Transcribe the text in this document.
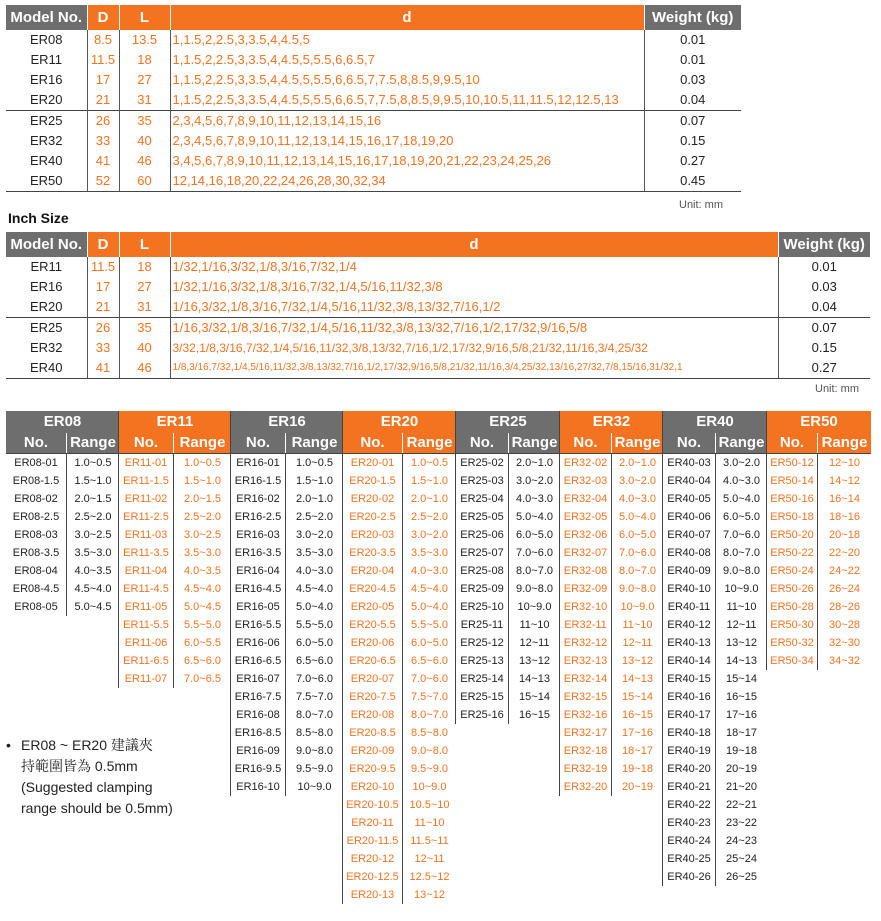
Model No.	D	L	d	Weight (kg)
ER08	8.5	13.5	1,1.5,2,2.5,3,3.5,4,4.5,5	0.01
ER11	11.5	18	1,1.5,2,2.5,3,3.5,4,4.5,5,5.5,6,6.5,7	0.01
ER16	17	27	1,1.5,2,2.5,3,3.5,4,4.5,5,5.5,6,6.5,7,7.5,8,8.5,9,9.5,10	0.03
ER20	21	31	1,1.5,2,2.5,3,3.5,4,4.5,5,5.5,6,6.5,7,7.5,8,8.5,9,9.5,10,10.5,11,11.5,12,12.5,13	0.04
ER25	26	35	2,3,4,5,6,7,8,9,10,11,12,13,14,15,16	0.07
ER32	33	40	2,3,4,5,6,7,8,9,10,11,12,13,14,15,16,17,18,19,20	0.15
ER40	41	46	3,4,5,6,7,8,9,10,11,12,13,14,15,16,17,18,19,20,21,22,23,24,25,26	0.27
ER50	52	60	12,14,16,18,20,22,24,26,28,30,32,34	0.45
Unit: mm
Inch Size
Model No.	D	L	d	Weight (kg)
ER11	11.5	18	1/32,1/16,3/32,1/8,3/16,7/32,1/4	0.01
ER16	17	27	1/32,1/16,3/32,1/8,3/16,7/32,1/4,5/16,11/32,3/8	0.03
ER20	21	31	1/16,3/32,1/8,3/16,7/32,1/4,5/16,11/32,3/8,13/32,7/16,1/2	0.04
ER25	26	35	1/16,3/32,1/8,3/16,7/32,1/4,5/16,11/32,3/8,13/32,7/16,1/2,17/32,9/16,5/8	0.07
ER32	33	40	3/32,1/8,3/16,7/32,1/4,5/16,11/32,3/8,13/32,7/16,1/2,17/32,9/16,5/8,21/32,11/16,3/4,25/32	0.15
ER40	41	46	1/8,3/16,7/32,1/4,5/16,11/32,3/8,13/32,7/16,1/2,17/32,9/16,5/8,21/32,11/16,3/4,25/32,13/16,27/32,7/8,15/16,31/32,1	0.27
Unit: mm
ER08
No.	Range
ER08-01	1.0~0.5
ER08-1.5	1.5~1.0
ER08-02	2.0~1.5
ER08-2.5	2.5~2.0
ER08-03	3.0~2.5
ER08-3.5	3.5~3.0
ER08-04	4.0~3.5
ER08-4.5	4.5~4.0
ER08-05	5.0~4.5
ER11
No.	Range
ER11-01	1.0~0.5
ER11-1.5	1.5~1.0
ER11-02	2.0~1.5
ER11-2.5	2.5~2.0
ER11-03	3.0~2.5
ER11-3.5	3.5~3.0
ER11-04	4.0~3.5
ER11-4.5	4.5~4.0
ER11-05	5.0~4.5
ER11-5.5	5.5~5.0
ER11-06	6.0~5.5
ER11-6.5	6.5~6.0
ER11-07	7.0~6.5
ER16
No.	Range
ER16-01	1.0~0.5
ER16-1.5	1.5~1.0
ER16-02	2.0~1.0
ER16-2.5	2.5~2.0
ER16-03	3.0~2.0
ER16-3.5	3.5~3.0
ER16-04	4.0~3.0
ER16-4.5	4.5~4.0
ER16-05	5.0~4.0
ER16-5.5	5.5~5.0
ER16-06	6.0~5.0
ER16-6.5	6.5~6.0
ER16-07	7.0~6.0
ER16-7.5	7.5~7.0
ER16-08	8.0~7.0
ER16-8.5	8.5~8.0
ER16-09	9.0~8.0
ER16-9.5	9.5~9.0
ER16-10	10~9.0
ER20
No.	Range
ER20-01	1.0~0.5
ER20-1.5	1.5~1.0
ER20-02	2.0~1.0
ER20-2.5	2.5~2.0
ER20-03	3.0~2.0
ER20-3.5	3.5~3.0
ER20-04	4.0~3.0
ER20-4.5	4.5~4.0
ER20-05	5.0~4.0
ER20-5.5	5.5~5.0
ER20-06	6.0~5.0
ER20-6.5	6.5~6.0
ER20-07	7.0~6.0
ER20-7.5	7.5~7.0
ER20-08	8.0~7.0
ER20-8.5	8.5~8.0
ER20-09	9.0~8.0
ER20-9.5	9.5~9.0
ER20-10	10~9.0
ER20-10.5 10.5~10
ER20-11	11~10
ER20-11.5	11.5~11
ER20-12	12~11
ER20-12.5 12.5~12
ER20-13	13~12
ER25
No.	Range
ER25-02	2.0~1.0
ER25-03	3.0~2.0
ER25-04	4.0~3.0
ER25-05	5.0~4.0
ER25-06	6.0~5.0
ER25-07	7.0~6.0
ER25-08	8.0~7.0
ER25-09	9.0~8.0
ER25-10	10~9.0
ER25-11	11~10
ER25-12	12~11
ER25-13	13~12
ER25-14	14~13
ER25-15	15~14
ER25-16	16~15
ER32
No.	Range
ER32-02	2.0~1.0
ER32-03	3.0~2.0
ER32-04	4.0~3.0
ER32-05	5.0~4.0
ER32-06	6.0~5.0
ER32-07	7.0~6.0
ER32-08	8.0~7.0
ER32-09	9.0~8.0
ER32-10	10~9.0
ER32-11	11~10
ER32-12	12~11
ER32-13	13~12
ER32-14	14~13
ER32-15	15~14
ER32-16	16~15
ER32-17	17~16
ER32-18	18~17
ER32-19	19~18
ER32-20	20~19
ER40
No.	Range
ER40-03	3.0~2.0
ER40-04	4.0~3.0
ER40-05	5.0~4.0
ER40-06	6.0~5.0
ER40-07	7.0~6.0
ER40-08	8.0~7.0
ER40-09	9.0~8.0
ER40-10	10~9.0
ER40-11	11~10
ER40-12	12~11
ER40-13	13~12
ER40-14	14~13
ER40-15	15~14
ER40-16	16~15
ER40-17	17~16
ER40-18	18~17
ER40-19	19~18
ER40-20	20~19
ER40-21	21~20
ER40-22	22~21
ER40-23	23~22
ER40-24	24~23
ER40-25	25~24
ER40-26	26~25
ER50
No.	Range
ER50-12	12~10
ER50-14	14~12
ER50-16	16~14
ER50-18	18~16
ER50-20	20~18
ER50-22	22~20
ER50-24	24~22
ER50-26	26~24
ER50-28	28~26
ER50-30	30~28
ER50-32	32~30
ER50-34	34~32
• ER08 ~ ER20 建議夾
持範圍皆為 0.5mm
(Suggested clamping
range should be 0.5mm)
